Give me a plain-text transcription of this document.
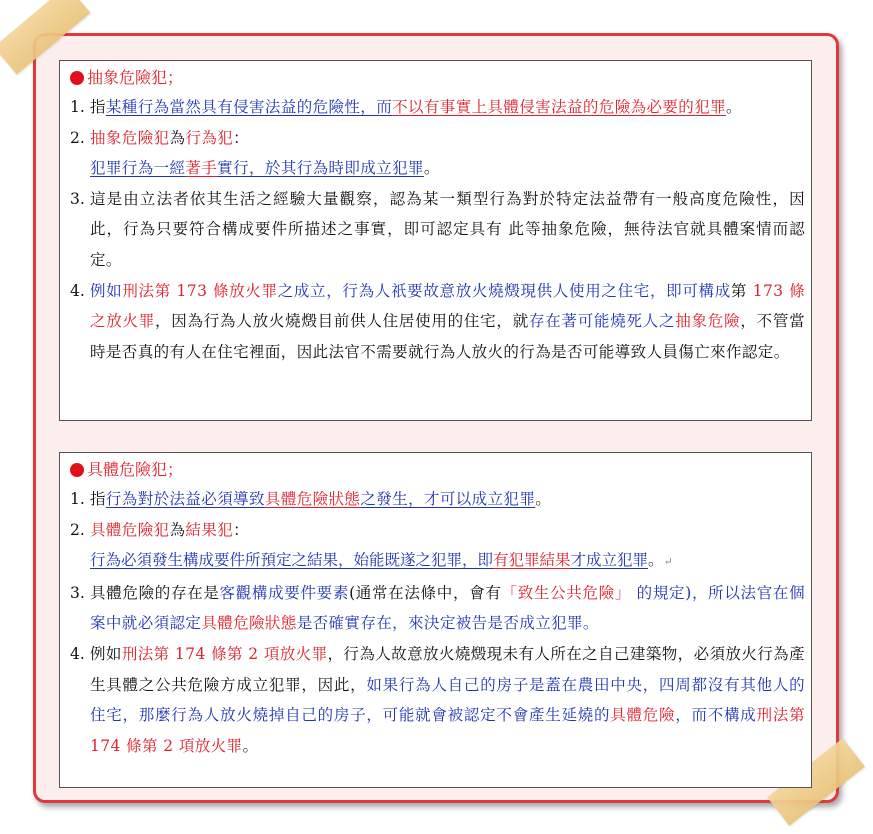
抽象危險犯；
1. 指某種行為當然具有侵害法益的危險性，而不以有事實上具體侵害法益的危險為必要的犯罪。
2. 抽象危險犯為行為犯：
犯罪行為一經著手實行，於其行為時即成立犯罪。
3. 這是由立法者依其生活之經驗大量觀察，認為某一類型行為對於特定法益帶有一般高度危險性，因此，行為只要符合構成要件所描述之事實，即可認定具有 此等抽象危險，無待法官就具體案情而認定。
4. 例如刑法第 173 條放火罪之成立，行為人祇要故意放火燒燬現供人使用之住宅，即可構成第 173 條之放火罪，因為行為人放火燒燬目前供人住居使用的住宅，就存在著可能燒死人之抽象危險，不管當時是否真的有人在住宅裡面，因此法官不需要就行為人放火的行為是否可能導致人員傷亡來作認定。
具體危險犯；
1. 指行為對於法益必須導致具體危險狀態之發生，才可以成立犯罪。
2. 具體危險犯為結果犯：
行為必須發生構成要件所預定之結果，始能既遂之犯罪，即有犯罪結果才成立犯罪。↵
3. 具體危險的存在是客觀構成要件要素(通常在法條中，會有「致生公共危險」 的規定)，所以法官在個案中就必須認定具體危險狀態是否確實存在，來決定被告是否成立犯罪。
4. 例如刑法第 174 條第 2 項放火罪，行為人故意放火燒燬現未有人所在之自己建築物，必須放火行為產生具體之公共危險方成立犯罪，因此，如果行為人自己的房子是蓋在農田中央，四周都沒有其他人的住宅，那麼行為人放火燒掉自己的房子，可能就會被認定不會產生延燒的具體危險，而不構成刑法第 174 條第 2 項放火罪。
